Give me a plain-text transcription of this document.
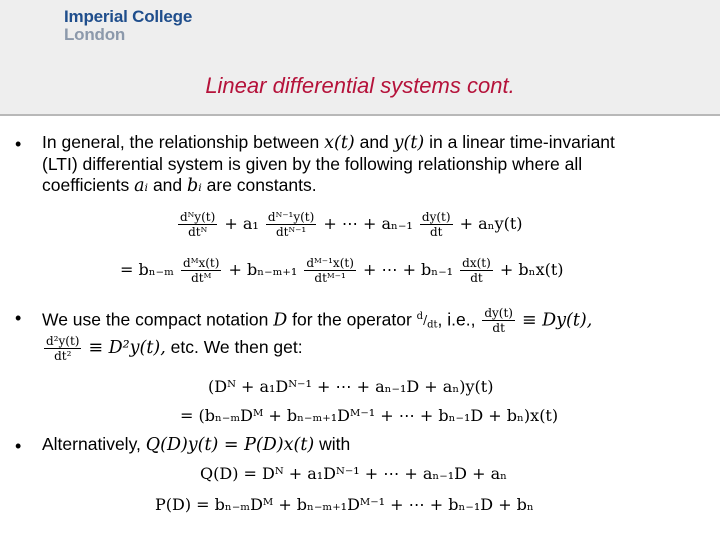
Imperial College
London
Linear differential systems cont.
• In general, the relationship between x(t) and y(t) in a linear time-invariant
(LTI) differential system is given by the following relationship where all
coefficients aᵢ and bᵢ are constants.
$\frac{\text{dᴺy(t)}}{\text{dtᴺ}} + a_1 \frac{\text{dᴺ⁻¹y(t)}}{\text{dtᴺ⁻¹}}$ + ⋯ + $a_{n-1} \frac{dy(t)}{dt} + a_ny(t)$
= $b_{n-m} \frac{\text{dᴹx(t)}}{\text{dtᴹ}} + b_{n-m+1} \frac{\text{dᴹ⁻¹x(t)}}{\text{dtᴹ⁻¹}}$ + ⋯ + $b_{n-1} \frac{dx(t)}{dt} + b_nx(t)$
• We use the compact notation D for the operator $^d/_{dt}$, i.e., $\frac{dy(t)}{dt} \equiv Dy(t)$,
$\frac{\text{d²y(t)}}{\text{dt²}} \equiv D^2y(t)$, etc. We then get:
(Dᴺ + a₁Dᴺ⁻¹ + ⋯ + aₙ₋₁D + aₙ)y(t)
= (bₙ₋ₘDᴹ + bₙ₋ₘ₊₁Dᴹ⁻¹ + ⋯ + bₙ₋₁D + bₙ)x(t)
• Alternatively, Q(D)y(t) = P(D)x(t) with
Q(D) = Dᴺ + a₁Dᴺ⁻¹ + ⋯ + aₙ₋₁D + aₙ
P(D) = bₙ₋ₘDᴹ + bₙ₋ₘ₊₁Dᴹ⁻¹ + ⋯ + bₙ₋₁D + bₙ
